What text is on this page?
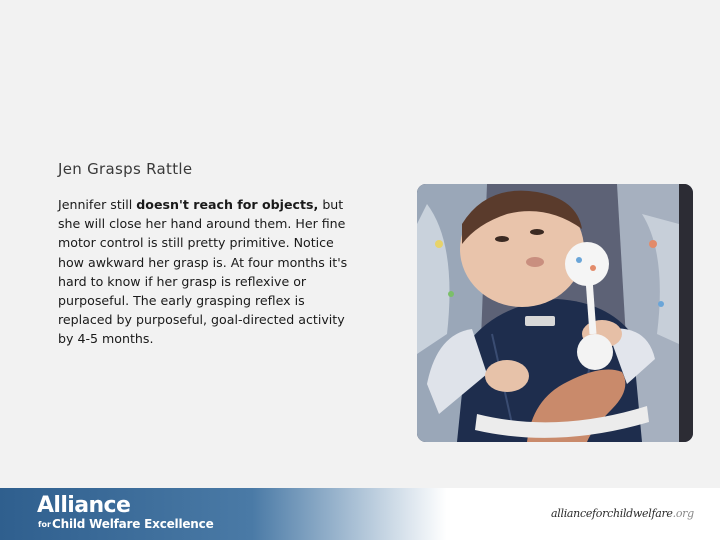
Jen Grasps Rattle
Jennifer still doesn't reach for objects, but she will close her hand around them. Her fine motor control is still pretty primitive. Notice how awkward her grasp is. At four months it's hard to know if her grasp is reflexive or purposeful. The early grasping reflex is replaced by purposeful, goal-directed activity by 4-5 months.
Alliance
for Child Welfare Excellence
allianceforchildwelfare.org
